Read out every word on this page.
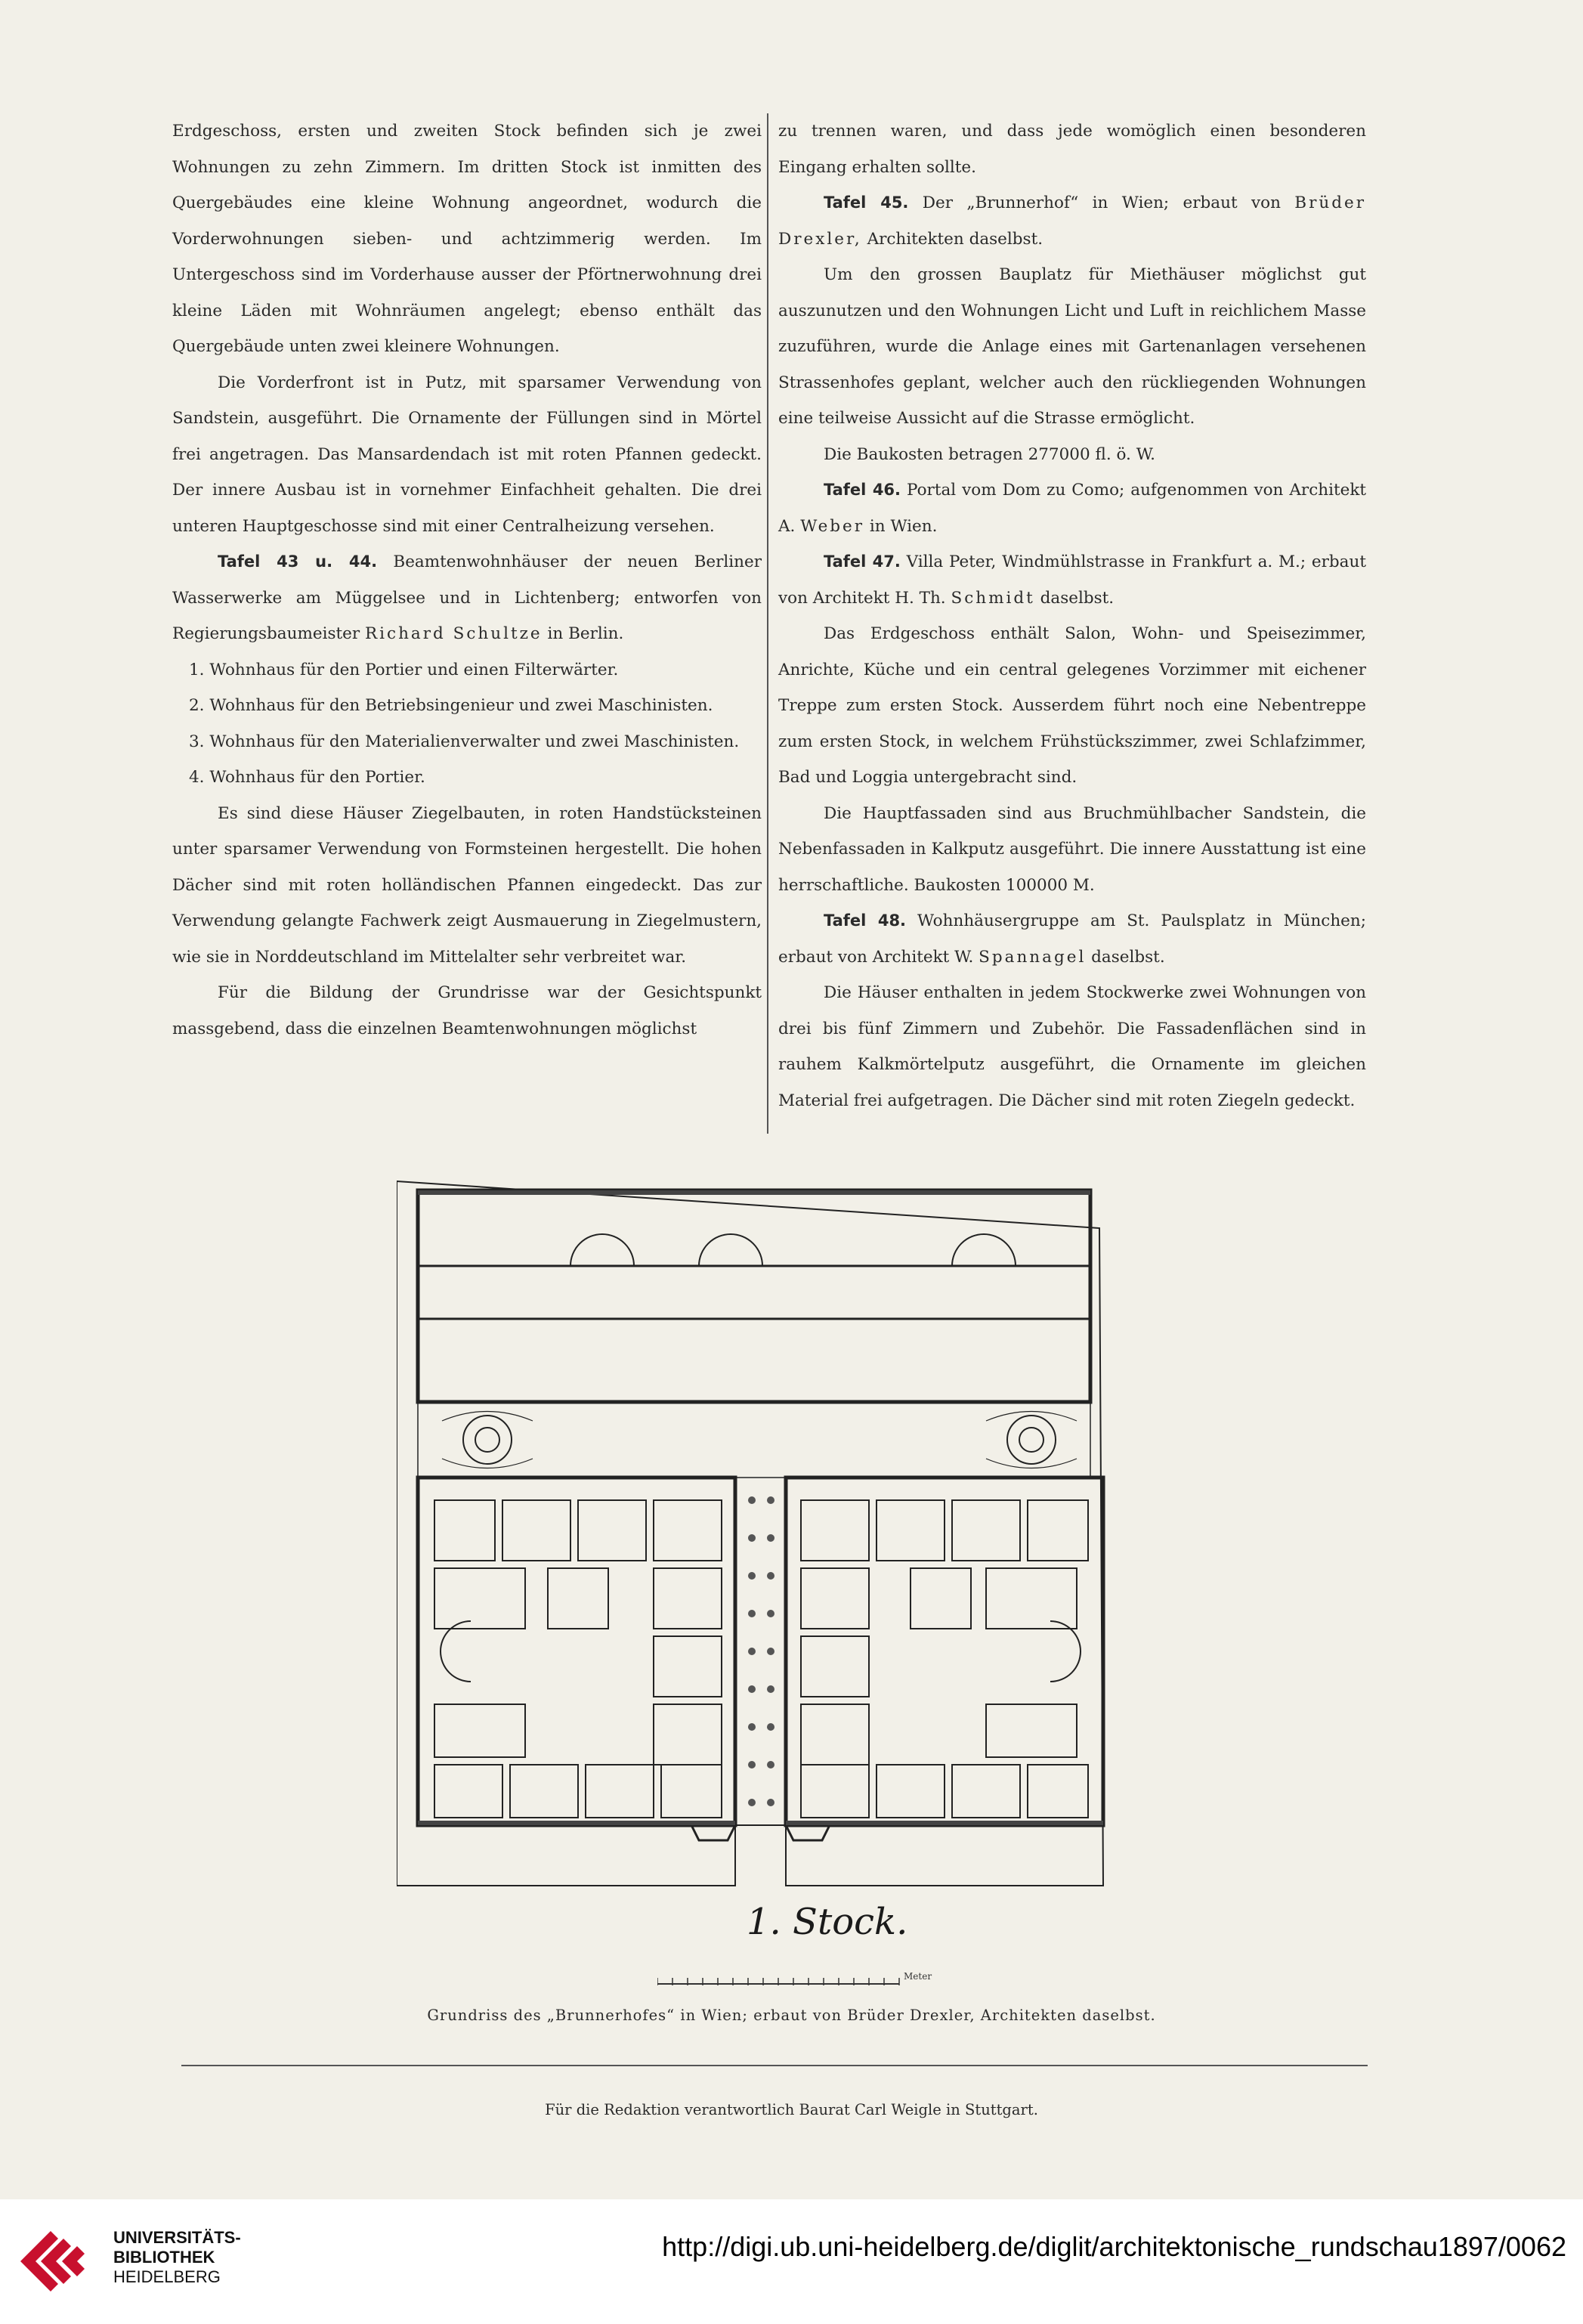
Erdgeschoss, ersten und zweiten Stock befinden sich je zwei Wohnungen zu zehn Zimmern. Im dritten Stock ist inmitten des Quergebäudes eine kleine Wohnung angeordnet, wodurch die Vorderwohnungen sieben- und achtzimmerig werden. Im Untergeschoss sind im Vorderhause ausser der Pförtnerwohnung drei kleine Läden mit Wohnräumen angelegt; ebenso enthält das Quergebäude unten zwei kleinere Wohnungen.

Die Vorderfront ist in Putz, mit sparsamer Verwendung von Sandstein, ausgeführt. Die Ornamente der Füllungen sind in Mörtel frei angetragen. Das Mansardendach ist mit roten Pfannen gedeckt. Der innere Ausbau ist in vornehmer Einfachheit gehalten. Die drei unteren Hauptgeschosse sind mit einer Centralheizung versehen.

Tafel 43 u. 44. Beamtenwohnhäuser der neuen Berliner Wasserwerke am Müggelsee und in Lichtenberg; entworfen von Regierungsbaumeister Richard Schultze in Berlin.

1. Wohnhaus für den Portier und einen Filterwärter.

2. Wohnhaus für den Betriebsingenieur und zwei Maschinisten.

3. Wohnhaus für den Materialienverwalter und zwei Maschinisten.

4. Wohnhaus für den Portier.

Es sind diese Häuser Ziegelbauten, in roten Handstücksteinen unter sparsamer Verwendung von Formsteinen hergestellt. Die hohen Dächer sind mit roten holländischen Pfannen eingedeckt. Das zur Verwendung gelangte Fachwerk zeigt Ausmauerung in Ziegelmustern, wie sie in Norddeutschland im Mittelalter sehr verbreitet war.

Für die Bildung der Grundrisse war der Gesichtspunkt massgebend, dass die einzelnen Beamtenwohnungen möglichst

zu trennen waren, und dass jede womöglich einen besonderen Eingang erhalten sollte.

Tafel 45. Der „Brunnerhof“ in Wien; erbaut von Brüder Drexler, Architekten daselbst.

Um den grossen Bauplatz für Miethäuser möglichst gut auszunutzen und den Wohnungen Licht und Luft in reichlichem Masse zuzuführen, wurde die Anlage eines mit Gartenanlagen versehenen Strassenhofes geplant, welcher auch den rückliegenden Wohnungen eine teilweise Aussicht auf die Strasse ermöglicht.

Die Baukosten betragen 277000 fl. ö. W.

Tafel 46. Portal vom Dom zu Como; aufgenommen von Architekt A. Weber in Wien.

Tafel 47. Villa Peter, Windmühlstrasse in Frankfurt a. M.; erbaut von Architekt H. Th. Schmidt daselbst.

Das Erdgeschoss enthält Salon, Wohn- und Speisezimmer, Anrichte, Küche und ein central gelegenes Vorzimmer mit eichener Treppe zum ersten Stock. Ausserdem führt noch eine Nebentreppe zum ersten Stock, in welchem Frühstückszimmer, zwei Schlafzimmer, Bad und Loggia untergebracht sind.

Die Hauptfassaden sind aus Bruchmühlbacher Sandstein, die Nebenfassaden in Kalkputz ausgeführt. Die innere Ausstattung ist eine herrschaftliche. Baukosten 100000 M.

Tafel 48. Wohnhäusergruppe am St. Paulsplatz in München; erbaut von Architekt W. Spannagel daselbst.

Die Häuser enthalten in jedem Stockwerke zwei Wohnungen von drei bis fünf Zimmern und Zubehör. Die Fassadenflächen sind in rauhem Kalkmörtelputz ausgeführt, die Ornamente im gleichen Material frei aufgetragen. Die Dächer sind mit roten Ziegeln gedeckt.

1. Stock.
Meter
Grundriss des „Brunnerhofes“ in Wien; erbaut von Brüder Drexler, Architekten daselbst.
Für die Redaktion verantwortlich Baurat Carl Weigle in Stuttgart.
UNIVERSITÄTS-
BIBLIOTHEK
HEIDELBERG
http://digi.ub.uni-heidelberg.de/diglit/architektonische_rundschau1897/0062
